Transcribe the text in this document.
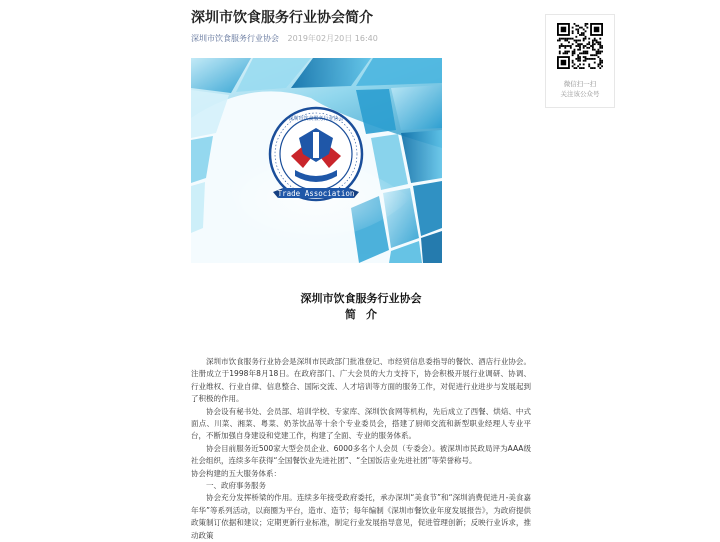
深圳市饮食服务行业协会简介
深圳市饮食服务行业协会 2019年02月20日 16:40
Trade Association
深圳市饮食服务行业协会
深圳市饮食服务行业协会
简介

深圳市饮食服务行业协会是深圳市民政部门批准登记、市经贸信息委指导的餐饮、酒店行业协会。注册成立于1998年8月18日。在政府部门、广大会员的大力支持下，协会积极开展行业调研、协调、行业维权、行业自律、信息整合、国际交流、人才培训等方面的服务工作，对促进行业进步与发展起到了积极的作用。

协会设有秘书处、会员部、培训学校、专家库、深圳饮食网等机构，先后成立了西餐、烘焙、中式面点、川菜、湘菜、粤菜、奶茶饮品等十余个专业委员会，搭建了厨师交流和新型职业经理人专业平台，不断加强自身建设和党建工作，构建了全面、专业的服务体系。

协会目前服务近500家大型会员企业、6000多名个人会员（专委会）。被深圳市民政局评为AAA级社会组织，连续多年获得“全国餐饮业先进社团”、“全国饭店业先进社团”等荣誉称号。

协会构建的五大服务体系：

一、政府事务服务

协会充分发挥桥梁的作用。连续多年接受政府委托，承办深圳“美食节”和“深圳消费促进月-美食嘉年华”等系列活动，以商圈为平台，造市、造节；每年编制《深圳市餐饮业年度发展报告》，为政府提供政策制订依据和建议；定期更新行业标准，制定行业发展指导意见，促进管理创新；反映行业诉求，推动政策

微信扫一扫
关注该公众号
